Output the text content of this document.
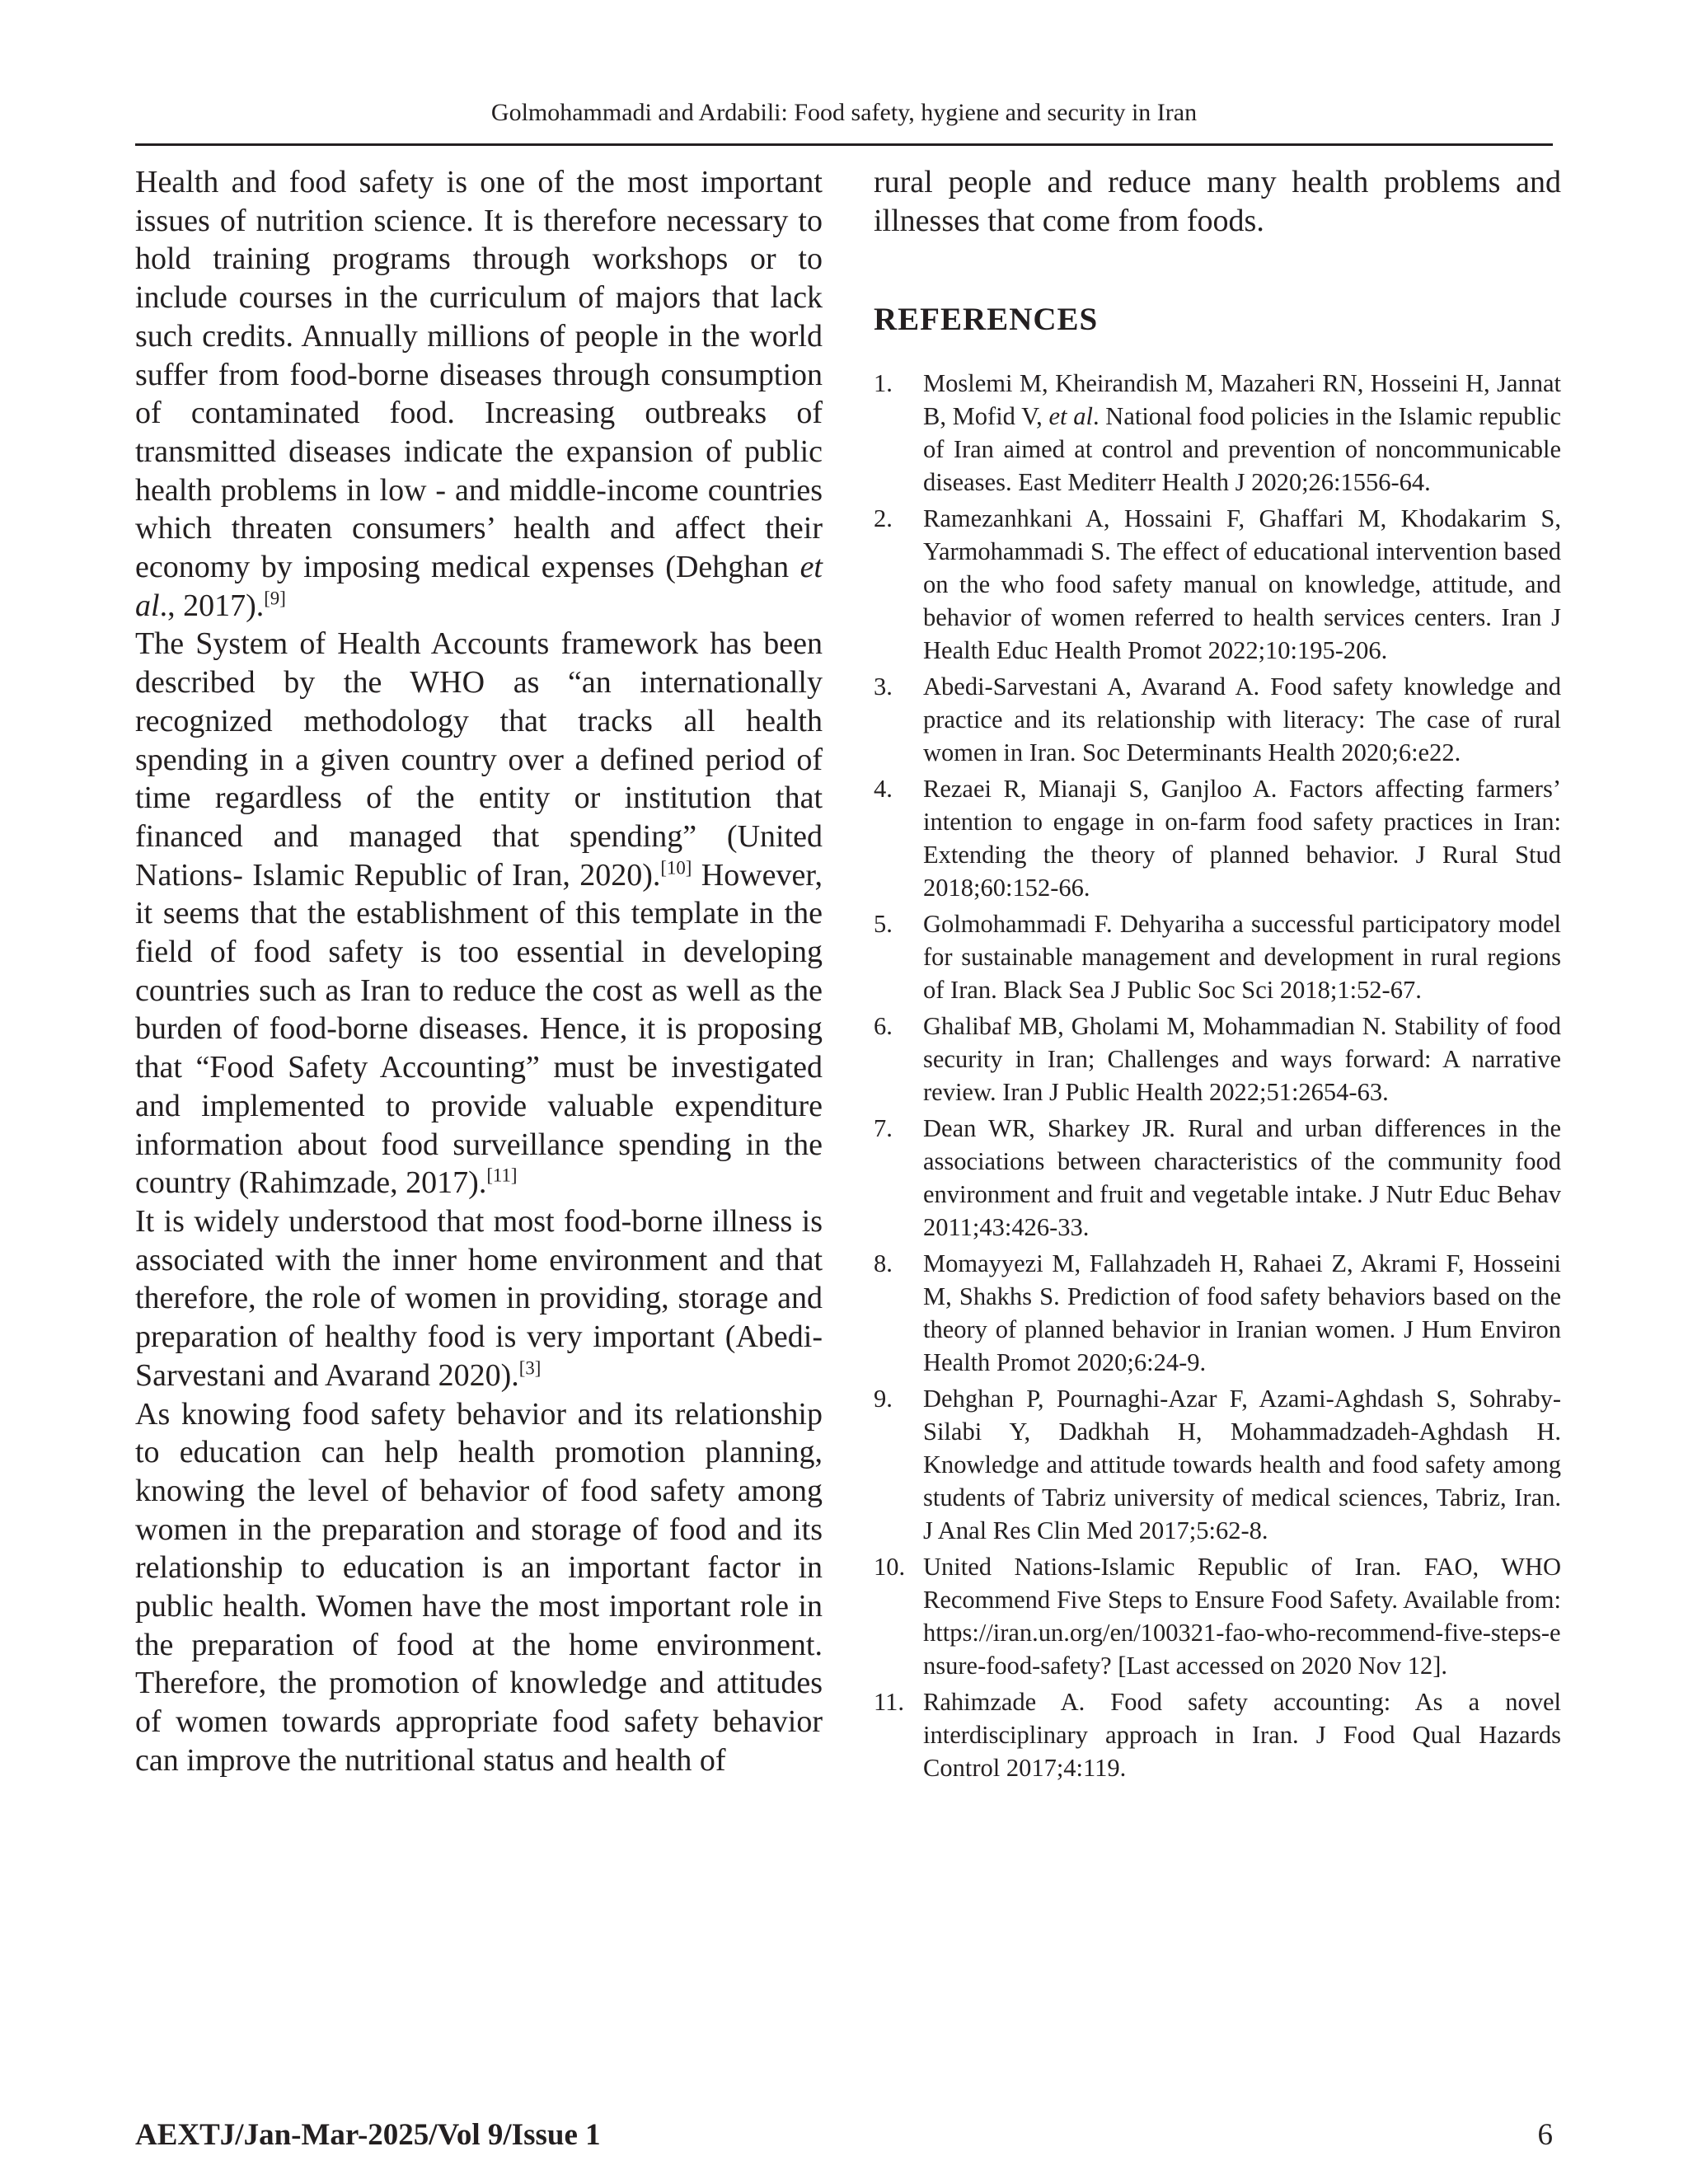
Golmohammadi and Ardabili: Food safety, hygiene and security in Iran

Health and food safety is one of the most important issues of nutrition science. It is therefore necessary to hold training programs through workshops or to include courses in the curriculum of majors that lack such credits. Annually millions of people in the world suffer from food-borne diseases through consumption of contaminated food. Increasing outbreaks of transmitted diseases indicate the expansion of public health problems in low - and middle-income countries which threaten consumers’ health and affect their economy by imposing medical expenses (Dehghan et al., 2017).[9]

The System of Health Accounts framework has been described by the WHO as “an internationally recognized methodology that tracks all health spending in a given country over a defined period of time regardless of the entity or institution that financed and managed that spending” (United Nations- Islamic Republic of Iran, 2020).[10] However, it seems that the establishment of this template in the field of food safety is too essential in developing countries such as Iran to reduce the cost as well as the burden of food-borne diseases. Hence, it is proposing that “Food Safety Accounting” must be investigated and implemented to provide valuable expenditure information about food surveillance spending in the country (Rahimzade, 2017).[11]

It is widely understood that most food-borne illness is associated with the inner home environment and that therefore, the role of women in providing, storage and preparation of healthy food is very important (Abedi-Sarvestani and Avarand 2020).[3]

As knowing food safety behavior and its relationship to education can help health promotion planning, knowing the level of behavior of food safety among women in the preparation and storage of food and its relationship to education is an important factor in public health. Women have the most important role in the preparation of food at the home environment. Therefore, the promotion of knowledge and attitudes of women towards appropriate food safety behavior can improve the nutritional status and health of

rural people and reduce many health problems and illnesses that come from foods.

REFERENCES
1. Moslemi M, Kheirandish M, Mazaheri RN, Hosseini H, Jannat B, Mofid V, et al. National food policies in the Islamic republic of Iran aimed at control and prevention of noncommunicable diseases. East Mediterr Health J 2020;26:1556-64.
2. Ramezanhkani A, Hossaini F, Ghaffari M, Khodakarim S, Yarmohammadi S. The effect of educational intervention based on the who food safety manual on knowledge, attitude, and behavior of women referred to health services centers. Iran J Health Educ Health Promot 2022;10:195-206.
3. Abedi-Sarvestani A, Avarand A. Food safety knowledge and practice and its relationship with literacy: The case of rural women in Iran. Soc Determinants Health 2020;6:e22.
4. Rezaei R, Mianaji S, Ganjloo A. Factors affecting farmers’ intention to engage in on-farm food safety practices in Iran: Extending the theory of planned behavior. J Rural Stud 2018;60:152-66.
5. Golmohammadi F. Dehyariha a successful participatory model for sustainable management and development in rural regions of Iran. Black Sea J Public Soc Sci 2018;1:52-67.
6. Ghalibaf MB, Gholami M, Mohammadian N. Stability of food security in Iran; Challenges and ways forward: A narrative review. Iran J Public Health 2022;51:2654-63.
7. Dean WR, Sharkey JR. Rural and urban differences in the associations between characteristics of the community food environment and fruit and vegetable intake. J Nutr Educ Behav 2011;43:426-33.
8. Momayyezi M, Fallahzadeh H, Rahaei Z, Akrami F, Hosseini M, Shakhs S. Prediction of food safety behaviors based on the theory of planned behavior in Iranian women. J Hum Environ Health Promot 2020;6:24-9.
9. Dehghan P, Pournaghi-Azar F, Azami-Aghdash S, Sohraby-Silabi Y, Dadkhah H, Mohammadzadeh-Aghdash H. Knowledge and attitude towards health and food safety among students of Tabriz university of medical sciences, Tabriz, Iran. J Anal Res Clin Med 2017;5:62-8.
10. United Nations-Islamic Republic of Iran. FAO, WHO Recommend Five Steps to Ensure Food Safety. Available from: https://iran.un.org/en/100321-fao-who-recommend-five-steps-ensure-food-safety? [Last accessed on 2020 Nov 12].
11. Rahimzade A. Food safety accounting: As a novel interdisciplinary approach in Iran. J Food Qual Hazards Control 2017;4:119.
AEXTJ/Jan-Mar-2025/Vol 9/Issue 1	6
